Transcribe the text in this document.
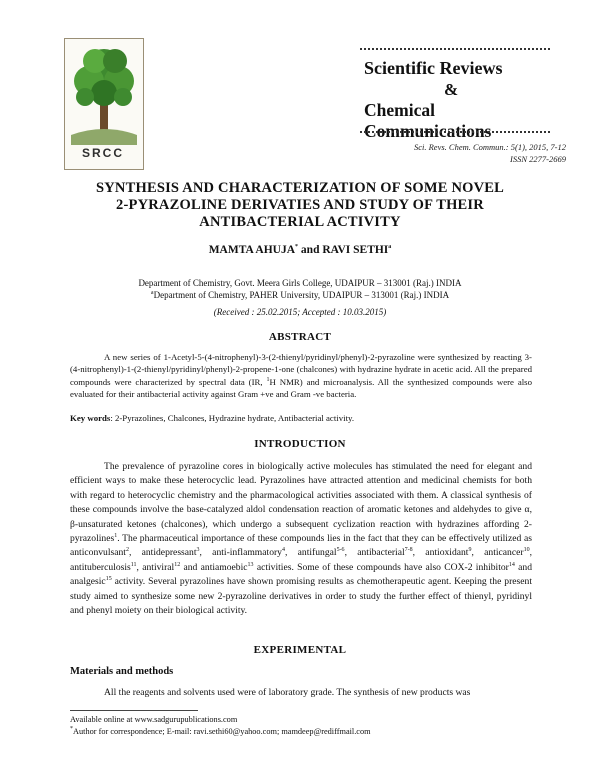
SRCC
Scientific Reviews
&
Chemical Communications
Sci. Revs. Chem. Commun.: 5(1), 2015, 7-12
ISSN 2277-2669
SYNTHESIS AND CHARACTERIZATION OF SOME NOVEL
2-PYRAZOLINE DERIVATIES AND STUDY OF THEIR
ANTIBACTERIAL ACTIVITY
MAMTA AHUJA* and RAVI SETHI$^a$
Department of Chemistry, Govt. Meera Girls College, UDAIPUR – 313001 (Raj.) INDIA
$^a$Department of Chemistry, PAHER University, UDAIPUR – 313001 (Raj.) INDIA
(Received : 25.02.2015; Accepted : 10.03.2015)
ABSTRACT

A new series of 1-Acetyl-5-(4-nitrophenyl)-3-(2-thienyl/pyridinyl/phenyl)-2-pyrazoline were synthesized by reacting 3-(4-nitrophenyl)-1-(2-thienyl/pyridinyl/phenyl)-2-propene-1-one (chalcones) with hydrazine hydrate in acetic acid. All the prepared compounds were characterized by spectral data (IR, $^1$H NMR) and microanalysis. All the synthesized compounds were also evaluated for their antibacterial activity against Gram +ve and Gram -ve bacteria.

Key words: 2-Pyrazolines, Chalcones, Hydrazine hydrate, Antibacterial activity.
INTRODUCTION

The prevalence of pyrazoline cores in biologically active molecules has stimulated the need for elegant and efficient ways to make these heterocyclic lead. Pyrazolines have attracted attention and medicinal chemists for both with regard to heterocyclic chemistry and the pharmacological activities associated with them. A classical synthesis of these compounds involve the base-catalyzed aldol condensation reaction of aromatic ketones and aldehydes to give α, β-unsaturated ketones (chalcones), which undergo a subsequent cyclization reaction with hydrazines affording 2-pyrazolines$^1$. The pharmaceutical importance of these compounds lies in the fact that they can be effectively utilized as anticonvulsant$^2$, antidepressant$^3$, anti-inflammatory$^4$, antifungal$^{5-6}$, antibacterial$^{7-8}$, antioxidant$^9$, anticancer$^{10}$, antituberculosis$^{11}$, antiviral$^{12}$ and antiamoebic$^{13}$ activities. Some of these compounds have also COX-2 inhibitor$^{14}$ and analgesic$^{15}$ activity. Several pyrazolines have shown promising results as chemotherapeutic agent. Keeping the present study aimed to synthesize some new 2-pyrazoline derivatives in order to study the further effect of thienyl, pyridinyl and phenyl moiety on their biological activity.

EXPERIMENTAL
Materials and methods

All the reagents and solvents used were of laboratory grade. The synthesis of new products was

Available online at www.sadgurupublications.com
*Author for correspondence; E-mail: ravi.sethi60@yahoo.com; mamdeep@rediffmail.com
